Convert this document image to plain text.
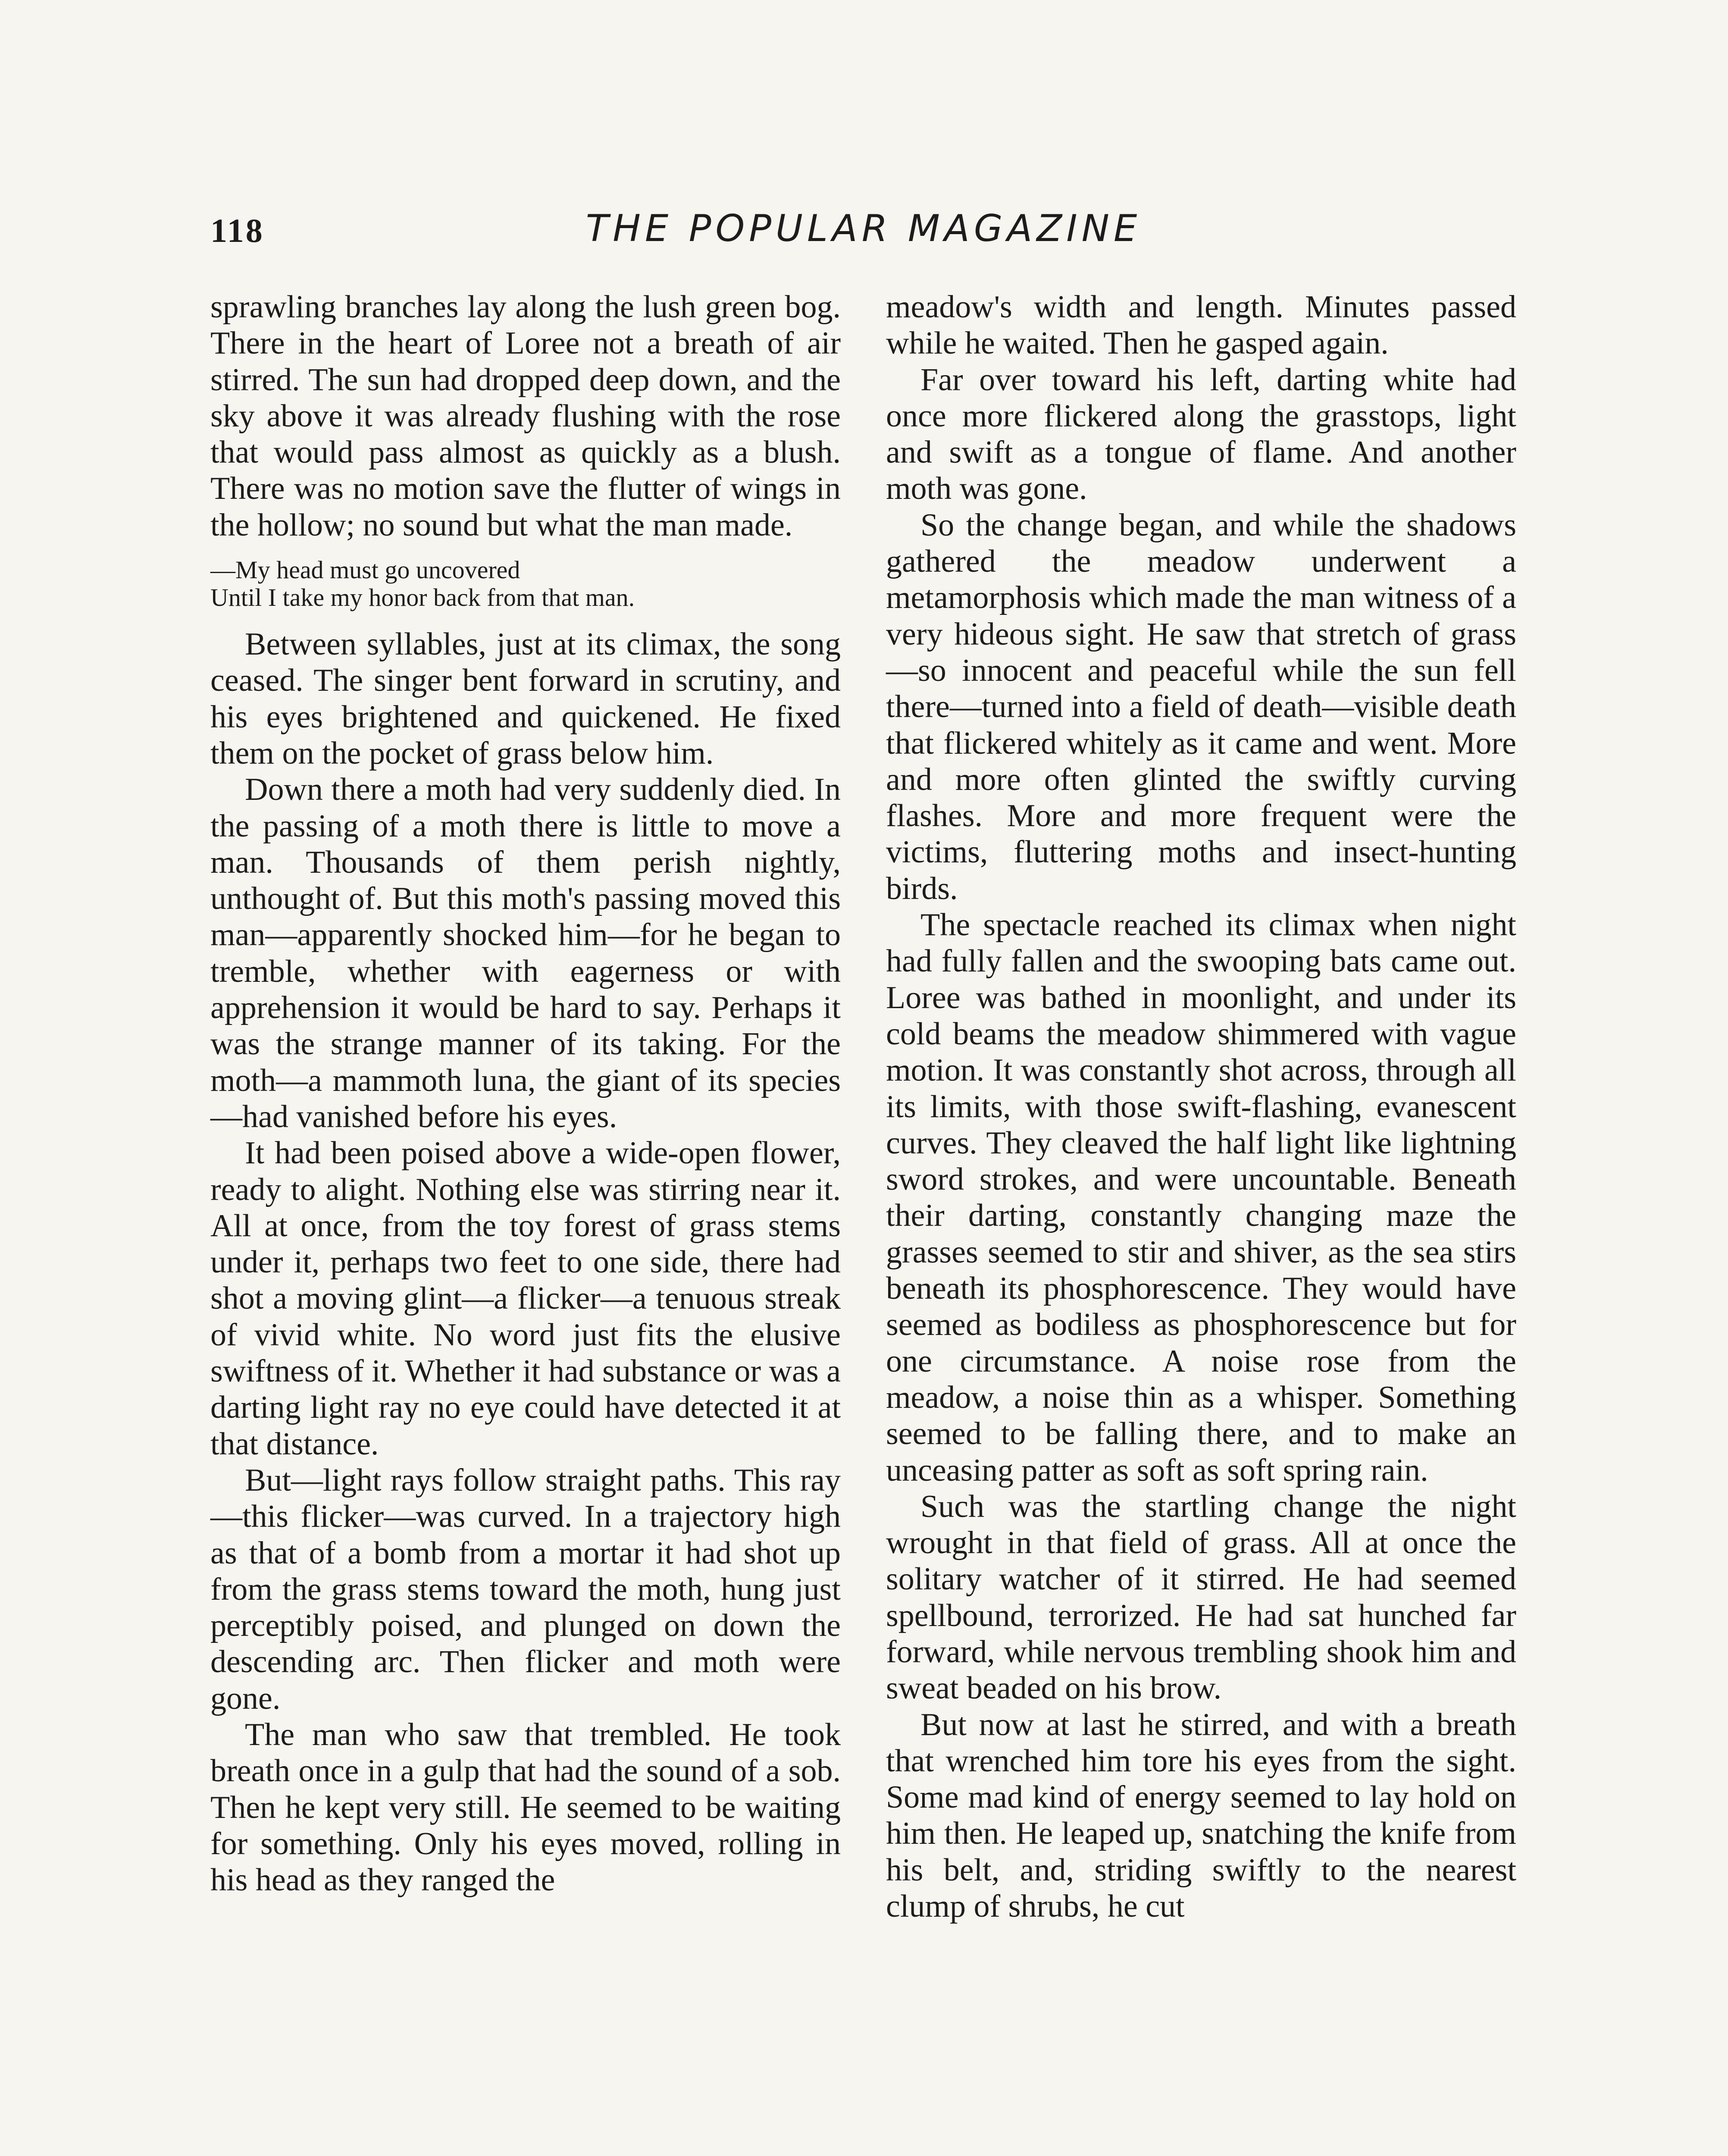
118	THE POPULAR MAGAZINE

sprawling branches lay along the lush green bog. There in the heart of Loree not a breath of air stirred. The sun had dropped deep down, and the sky above it was already flushing with the rose that would pass almost as quickly as a blush. There was no motion save the flutter of wings in the hollow; no sound but what the man made.

—My head must go uncovered
Until I take my honor back from that man.

Between syllables, just at its climax, the song ceased. The singer bent forward in scrutiny, and his eyes brightened and quickened. He fixed them on the pocket of grass below him.

Down there a moth had very suddenly died. In the passing of a moth there is little to move a man. Thousands of them perish nightly, unthought of. But this moth's passing moved this man—apparently shocked him—for he began to tremble, whether with eagerness or with apprehension it would be hard to say. Perhaps it was the strange manner of its taking. For the moth—a mammoth luna, the giant of its species—had vanished before his eyes.

It had been poised above a wide-open flower, ready to alight. Nothing else was stirring near it. All at once, from the toy forest of grass stems under it, perhaps two feet to one side, there had shot a moving glint—a flicker—a tenuous streak of vivid white. No word just fits the elusive swiftness of it. Whether it had substance or was a darting light ray no eye could have detected it at that distance.

But—light rays follow straight paths. This ray—this flicker—was curved. In a trajectory high as that of a bomb from a mortar it had shot up from the grass stems toward the moth, hung just perceptibly poised, and plunged on down the descending arc. Then flicker and moth were gone.

The man who saw that trembled. He took breath once in a gulp that had the sound of a sob. Then he kept very still. He seemed to be waiting for something. Only his eyes moved, rolling in his head as they ranged the

meadow's width and length. Minutes passed while he waited. Then he gasped again.

Far over toward his left, darting white had once more flickered along the grasstops, light and swift as a tongue of flame. And another moth was gone.

So the change began, and while the shadows gathered the meadow underwent a metamorphosis which made the man witness of a very hideous sight. He saw that stretch of grass—so innocent and peaceful while the sun fell there—turned into a field of death—visible death that flickered whitely as it came and went. More and more often glinted the swiftly curving flashes. More and more frequent were the victims, fluttering moths and insect-hunting birds.

The spectacle reached its climax when night had fully fallen and the swooping bats came out. Loree was bathed in moonlight, and under its cold beams the meadow shimmered with vague motion. It was constantly shot across, through all its limits, with those swift-flashing, evanescent curves. They cleaved the half light like lightning sword strokes, and were uncountable. Beneath their darting, constantly changing maze the grasses seemed to stir and shiver, as the sea stirs beneath its phosphorescence. They would have seemed as bodiless as phosphorescence but for one circumstance. A noise rose from the meadow, a noise thin as a whisper. Something seemed to be falling there, and to make an unceasing patter as soft as soft spring rain.

Such was the startling change the night wrought in that field of grass. All at once the solitary watcher of it stirred. He had seemed spellbound, terrorized. He had sat hunched far forward, while nervous trembling shook him and sweat beaded on his brow.

But now at last he stirred, and with a breath that wrenched him tore his eyes from the sight. Some mad kind of energy seemed to lay hold on him then. He leaped up, snatching the knife from his belt, and, striding swiftly to the nearest clump of shrubs, he cut
